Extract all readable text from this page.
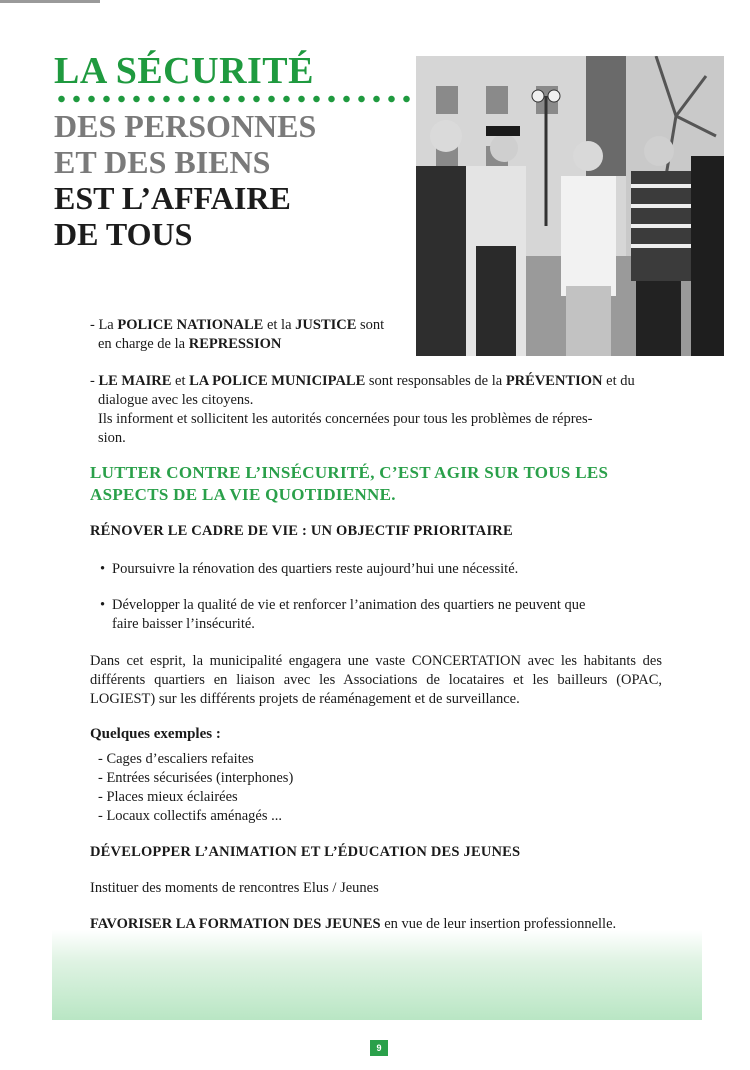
LA SÉCURITÉ
DES PERSONNES
ET DES BIENS
EST L’AFFAIRE
DE TOUS
- La POLICE NATIONALE et la JUSTICE sont
en charge de la REPRESSION
- LE MAIRE et LA POLICE MUNICIPALE sont responsables de la PRÉVENTION et du
dialogue avec les citoyens.
Ils informent et sollicitent les autorités concernées pour tous les problèmes de répres-
sion.
LUTTER CONTRE L’INSÉCURITÉ, C’EST AGIR SUR TOUS LES
ASPECTS DE LA VIE QUOTIDIENNE.
RÉNOVER LE CADRE DE VIE : UN OBJECTIF PRIORITAIRE
• Poursuivre la rénovation des quartiers reste aujourd’hui une nécessité.
• Développer la qualité de vie et renforcer l’animation des quartiers ne peuvent que
faire baisser l’insécurité.
Dans cet esprit, la municipalité engagera une vaste CONCERTATION avec les habitants des différents quartiers en liaison avec les Associations de locataires et les bailleurs (OPAC, LOGIEST) sur les différents projets de réaménagement et de surveillance.
Quelques exemples :
- Cages d’escaliers refaites
- Entrées sécurisées (interphones)
- Places mieux éclairées
- Locaux collectifs aménagés ...
DÉVELOPPER L’ANIMATION ET L’ÉDUCATION DES JEUNES
Instituer des moments de rencontres Elus / Jeunes
FAVORISER LA FORMATION DES JEUNES en vue de leur insertion professionnelle.
9
